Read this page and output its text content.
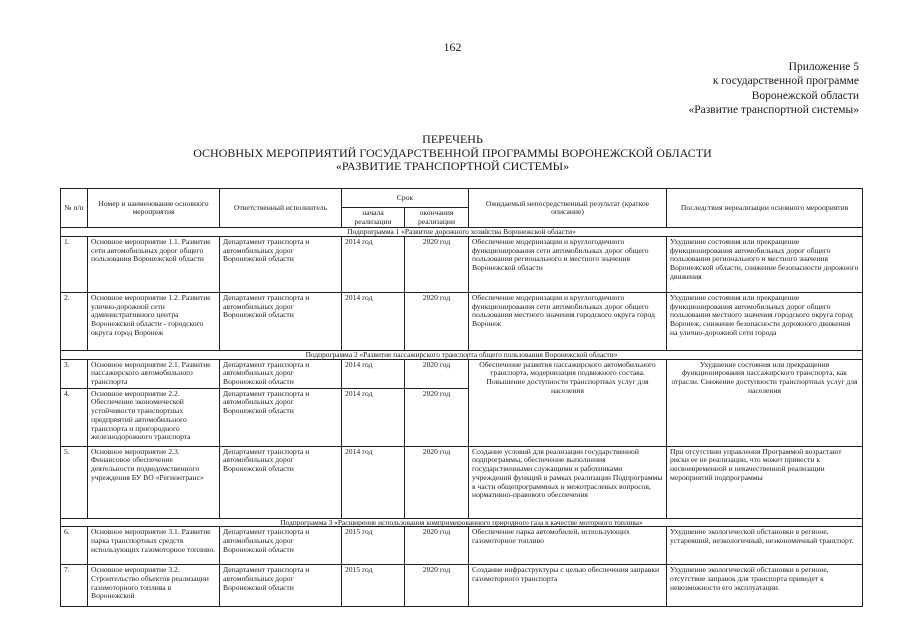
162
Приложение 5
к государственной программе
Воронежской области
«Развитие транспортной системы»
ПЕРЕЧЕНЬ
ОСНОВНЫХ МЕРОПРИЯТИЙ ГОСУДАРСТВЕННОЙ ПРОГРАММЫ ВОРОНЕЖСКОЙ ОБЛАСТИ
«РАЗВИТИЕ ТРАНСПОРТНОЙ СИСТЕМЫ»
№ п/п	Номер и наименование основного мероприятия	Ответственный исполнитель	Срок		Ожидаемый непосредственный результат (краткое описание)	Последствия нереализации основного мероприятия
			начала реализации	окончания реализации		
Подпрограмма 1 «Развитие дорожного хозяйства Воронежской области»						
1.	Основное мероприятие 1.1. Развитие сети автомобильных дорог общего пользования Воронежской области	Департамент транспорта и автомобильных дорог Воронежской области	2014 год	2020 год	Обеспечение модернизации и круглогодичного функционирования сети автомобильных дорог общего пользования регионального и местного значения Воронежской области	Ухудшение состояния или прекращение функционирования автомобильных дорог общего пользования регионального и местного значения Воронежской области, снижение безопасности дорожного движения
2.	Основное мероприятие 1.2. Развитие улично-дорожной сети административного центра Воронежской области - городского округа город Воронеж	Департамент транспорта и автомобильных дорог Воронежской области	2014 год	2020 год	Обеспечение модернизации и круглогодичного функционирования сети автомобильных дорог общего пользования местного значения городского округа город Воронеж	Ухудшение состояния или прекращение функционирования автомобильных дорог общего пользования местного значения городского округа город Воронеж, снижение безопасности дорожного движения на улично-дорожной сети города
Подпрограмма 2 «Развитие пассажирского транспорта общего пользования Воронежской области»						
3.	Основное мероприятие 2.1. Развитие пассажирского автомобильного транспорта	Департамент транспорта и автомобильных дорог Воронежской области	2014 год	2020 год	Обеспечение развития пассажирского автомобильного транспорта, модернизация подвижного состава. Повышение доступности транспортных услуг для населения	Ухудшение состояния или прекращения функционирования пассажирского транспорта, как отрасли. Снижение доступности транспортных услуг для населения
4.	Основное мероприятие 2.2. Обеспечение экономической устойчивости транспортных предприятий автомобильного транспорта и пригородного железнодорожного транспорта	Департамент транспорта и автомобильных дорог Воронежской области	2014 год	2020 год		
5.	Основное мероприятие 2.3. Финансовое обеспечение деятельности подведомственного учреждения БУ ВО «Регионтранс»	Департамент транспорта и автомобильных дорог Воронежской области	2014 год	2020 год	Создание условий для реализации государственной подпрограммы, обеспечение выполнения государственными служащими и работниками учреждений функций в рамках реализации Подпрограммы в части общепрограммных и межотраслевых вопросов, нормативно-правового обеспечения	При отсутствии управления Программой возрастают риски ее не реализации, что может привести к несвоевременной и некачественной реализации мероприятий подпрограммы
Подпрограмма 3 «Расширение использования компримированного природного газа в качестве моторного топлива»						
6.	Основное мероприятие 3.1. Развитие парка транспортных средств использующих газомоторное топливо.	Департамент транспорта и автомобильных дорог Воронежской области	2015 год	2020 год	Обеспечение парка автомобилей, использующих газомоторное топливо	Ухудшение экологической обстановки в регионе, устаревший, неэкологичный, неэкономичный транспорт.
7.	Основное мероприятие 3.2. Строительство объектов реализации газомоторного топлива в Воронежской	Департамент транспорта и автомобильных дорог Воронежской области	2015 год	2020 год	Создание инфраструктуры с целью обеспечения заправки газомоторного транспорта	Ухудшение экологической обстановки в регионе, отсутствие заправок для транспорта приведет к невозможности его эксплуатации.
